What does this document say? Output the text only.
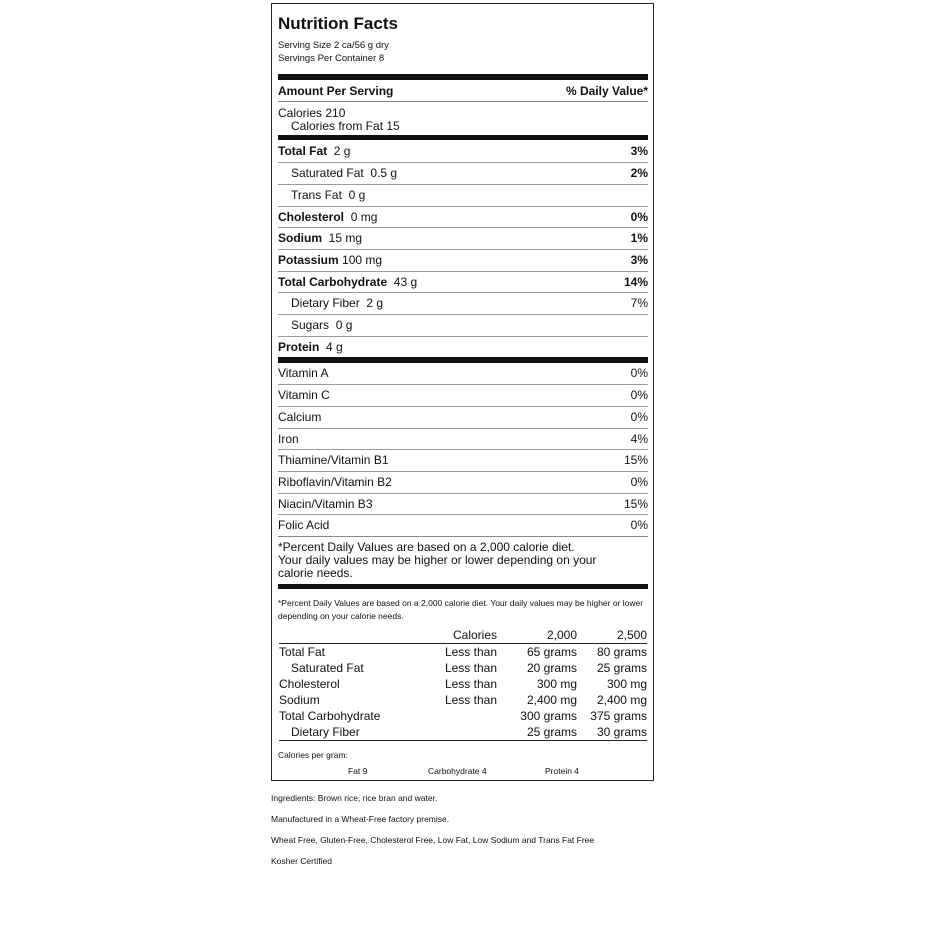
Nutrition Facts
Serving Size 2 ca/56 g dry
Servings Per Container 8
Amount Per Serving	% Daily Value*
Calories 210
Calories from Fat 15
Total Fat 2 g	3%
Saturated Fat 0.5 g	2%
Trans Fat 0 g
Cholesterol 0 mg	0%
Sodium 15 mg	1%
Potassium 100 mg	3%
Total Carbohydrate 43 g	14%
Dietary Fiber 2 g	7%
Sugars 0 g
Protein 4 g
Vitamin A	0%
Vitamin C	0%
Calcium	0%
Iron	4%
Thiamine/Vitamin B1	15%
Riboflavin/Vitamin B2	0%
Niacin/Vitamin B3	15%
Folic Acid	0%
*Percent Daily Values are based on a 2,000 calorie diet.
Your daily values may be higher or lower depending on your
calorie needs.
*Percent Daily Values are based on a 2,000 calorie diet. Your daily values may be higher or lower
depending on your calorie needs.
	Calories	2,000	2,500
Total Fat	Less than	65 grams	80 grams
Saturated Fat	Less than	20 grams	25 grams
Cholesterol	Less than	300 mg	300 mg
Sodium	Less than	2,400 mg	2,400 mg
Total Carbohydrate		300 grams	375 grams
Dietary Fiber		25 grams	30 grams
Calories per gram:
Fat 9	Carbohydrate 4	Protein 4
Ingredients: Brown rice, rice bran and water.
Manufactured in a Wheat-Free factory premise.
Wheat Free, Gluten-Free, Cholesterol Free, Low Fat, Low Sodium and Trans Fat Free
Kosher Certified
